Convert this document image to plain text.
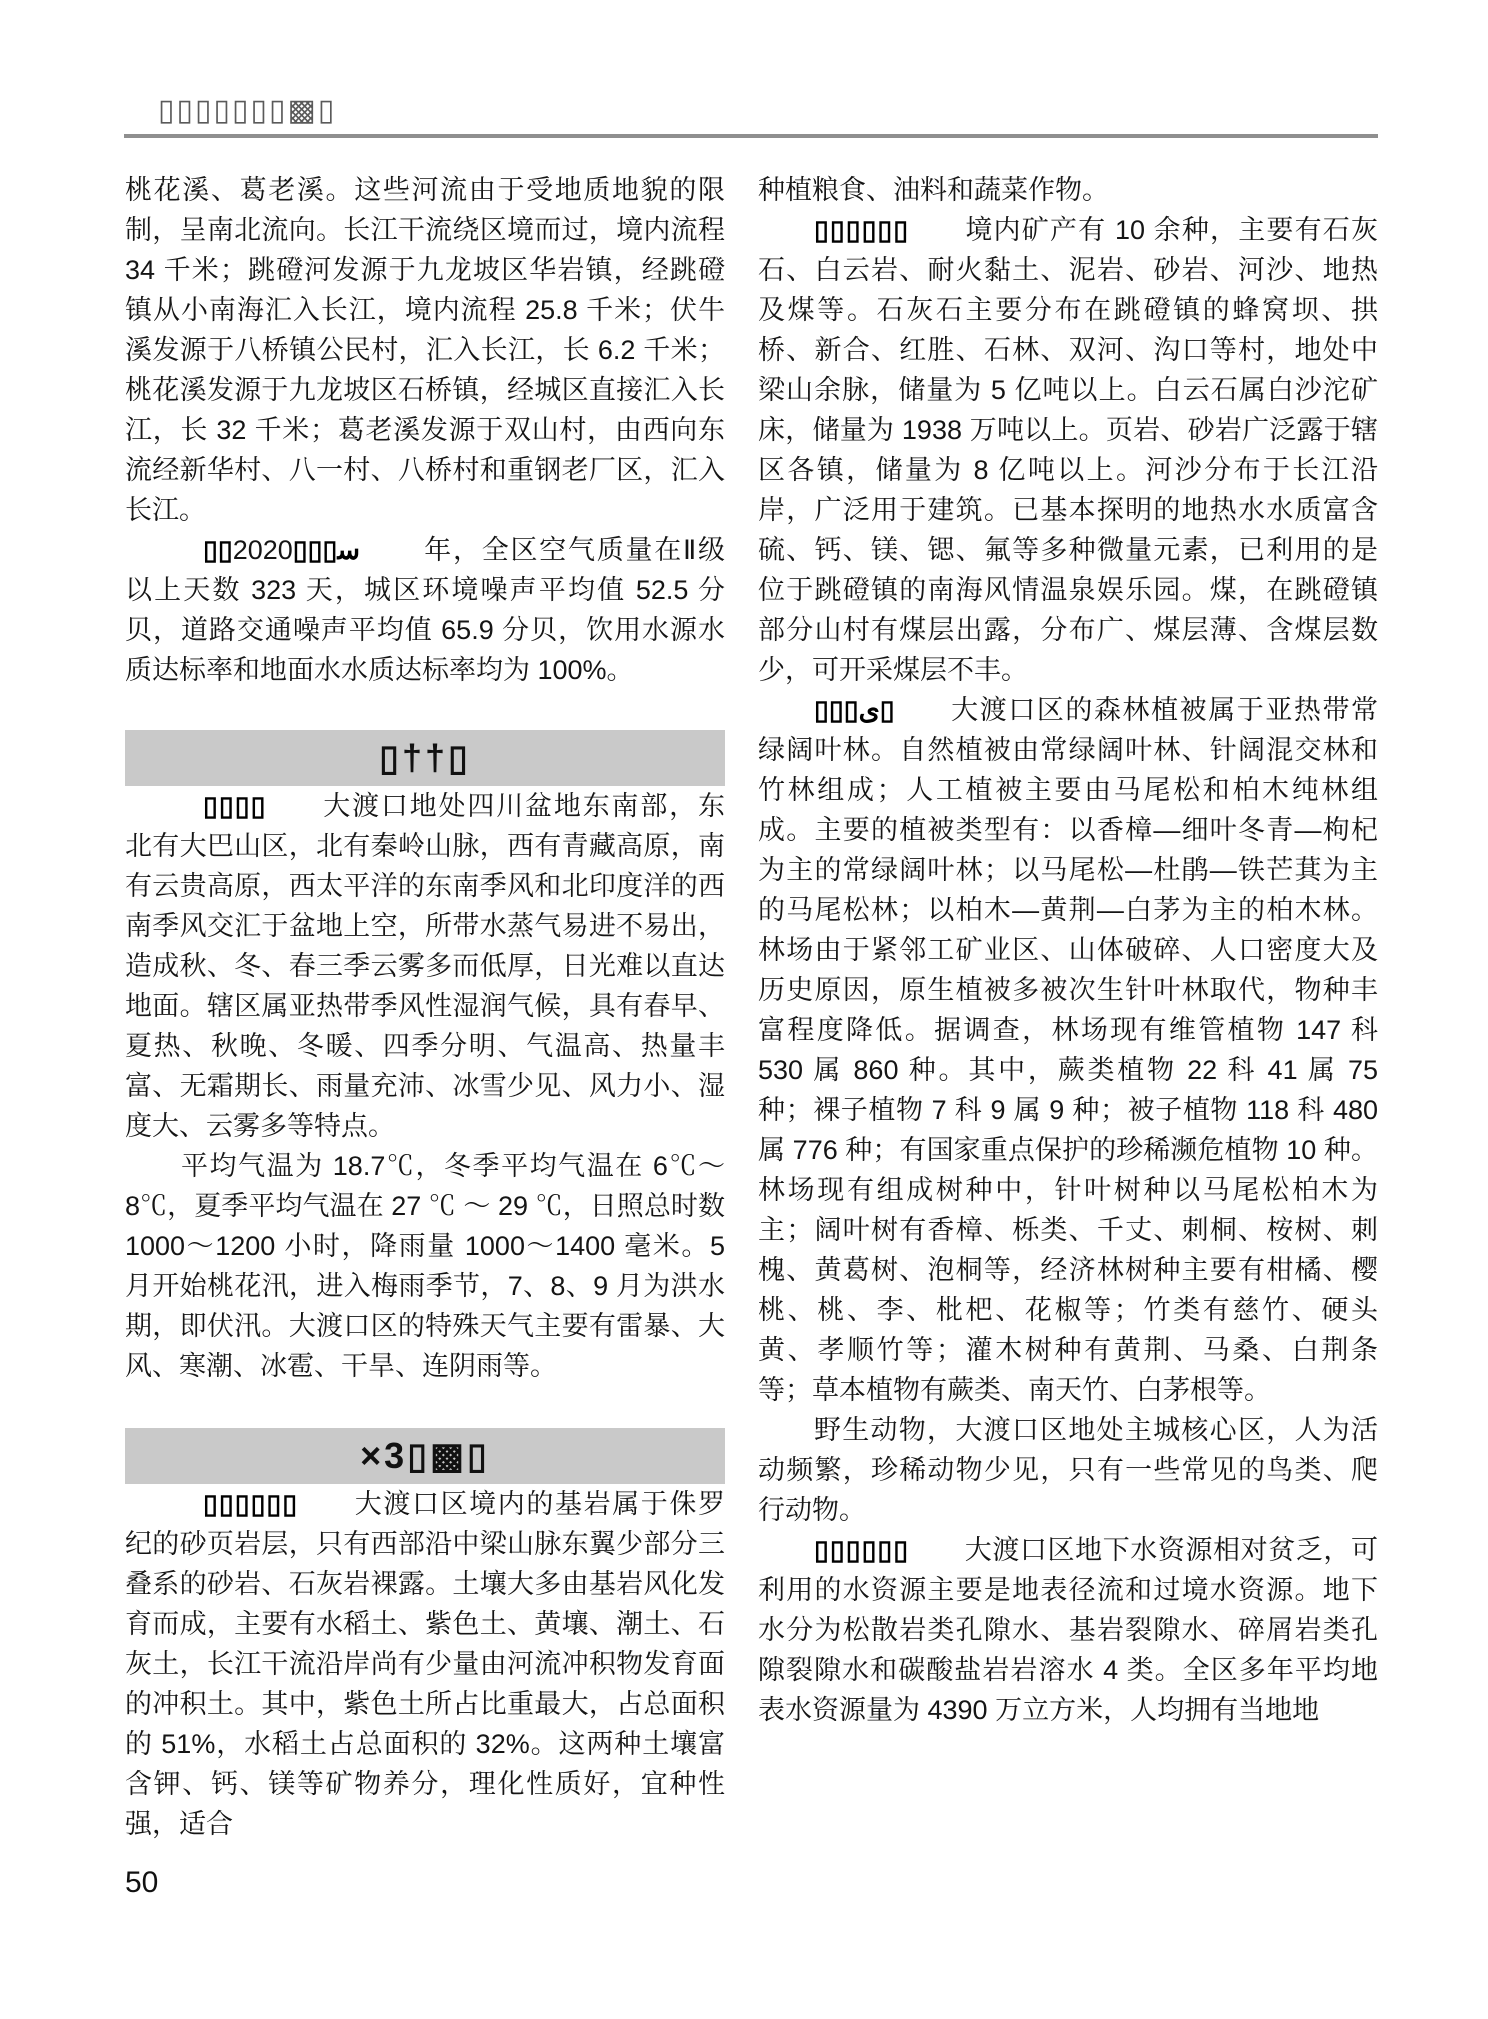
▯▯▯▯▯▯▯▩▯

桃花溪、葛老溪。这些河流由于受地质地貌的限制，呈南北流向。长江干流绕区境而过，境内流程 34 千米；跳磴河发源于九龙坡区华岩镇，经跳磴镇从小南海汇入长江，境内流程 25.8 千米；伏牛溪发源于八桥镇公民村，汇入长江，长 6.2 千米；桃花溪发源于九龙坡区石桥镇，经城区直接汇入长江，长 32 千米；葛老溪发源于双山村，由西向东流经新华村、八一村、八桥村和重钢老厂区，汇入长江。

▯▯ﺳ▯▯▯2020 年，全区空气质量在Ⅱ级以上天数 323 天，城区环境噪声平均值 52.5 分贝，道路交通噪声平均值 65.9 分贝，饮用水源水质达标率和地面水水质达标率均为 100%。

▯††▯

▯▯▯▯ 大渡口地处四川盆地东南部，东北有大巴山区，北有秦岭山脉，西有青藏高原，南有云贵高原，西太平洋的东南季风和北印度洋的西南季风交汇于盆地上空，所带水蒸气易进不易出，造成秋、冬、春三季云雾多而低厚，日光难以直达地面。辖区属亚热带季风性湿润气候，具有春早、夏热、秋晚、冬暖、四季分明、气温高、热量丰富、无霜期长、雨量充沛、冰雪少见、风力小、湿度大、云雾多等特点。

平均气温为 18.7℃，冬季平均气温在 6℃～8℃，夏季平均气温在 27 ℃ ～ 29 ℃，日照总时数 1000～1200 小时，降雨量 1000～1400 毫米。5 月开始桃花汛，进入梅雨季节，7、8、9 月为洪水期，即伏汛。大渡口区的特殊天气主要有雷暴、大风、寒潮、冰雹、干旱、连阴雨等。

×3▯▩▯

▯▯▯▯▯▯ 大渡口区境内的基岩属于侏罗纪的砂页岩层，只有西部沿中梁山脉东翼少部分三叠系的砂岩、石灰岩裸露。土壤大多由基岩风化发育而成，主要有水稻土、紫色土、黄壤、潮土、石灰土，长江干流沿岸尚有少量由河流冲积物发育面的冲积土。其中，紫色土所占比重最大，占总面积的 51%，水稻土占总面积的 32%。这两种土壤富含钾、钙、镁等矿物养分，理化性质好，宜种性强，适合

种植粮食、油料和蔬菜作物。

▯▯▯▯▯▯ 境内矿产有 10 余种，主要有石灰石、白云岩、耐火黏土、泥岩、砂岩、河沙、地热及煤等。石灰石主要分布在跳磴镇的蜂窝坝、拱桥、新合、红胜、石林、双河、沟口等村，地处中梁山余脉，储量为 5 亿吨以上。白云石属白沙沱矿床，储量为 1938 万吨以上。页岩、砂岩广泛露于辖区各镇，储量为 8 亿吨以上。河沙分布于长江沿岸，广泛用于建筑。已基本探明的地热水水质富含硫、钙、镁、锶、氟等多种微量元素，已利用的是位于跳磴镇的南海风情温泉娱乐园。煤，在跳磴镇部分山村有煤层出露，分布广、煤层薄、含煤层数少，可开采煤层不丰。

▯▯▯ى▯ 大渡口区的森林植被属于亚热带常绿阔叶林。自然植被由常绿阔叶林、针阔混交林和竹林组成；人工植被主要由马尾松和柏木纯林组成。主要的植被类型有：以香樟—细叶冬青—枸杞为主的常绿阔叶林；以马尾松—杜鹃—铁芒萁为主的马尾松林；以柏木—黄荆—白茅为主的柏木林。林场由于紧邻工矿业区、山体破碎、人口密度大及历史原因，原生植被多被次生针叶林取代，物种丰富程度降低。据调查，林场现有维管植物 147 科 530 属 860 种。其中，蕨类植物 22 科 41 属 75 种；裸子植物 7 科 9 属 9 种；被子植物 118 科 480 属 776 种；有国家重点保护的珍稀濒危植物 10 种。林场现有组成树种中，针叶树种以马尾松柏木为主；阔叶树有香樟、栎类、千丈、刺桐、桉树、刺槐、黄葛树、泡桐等，经济林树种主要有柑橘、樱桃、桃、李、枇杷、花椒等；竹类有慈竹、硬头黄、孝顺竹等；灌木树种有黄荆、马桑、白荆条等；草本植物有蕨类、南天竹、白茅根等。

野生动物，大渡口区地处主城核心区，人为活动频繁，珍稀动物少见，只有一些常见的鸟类、爬行动物。

▯▯▯▯▯▯ 大渡口区地下水资源相对贫乏，可利用的水资源主要是地表径流和过境水资源。地下水分为松散岩类孔隙水、基岩裂隙水、碎屑岩类孔隙裂隙水和碳酸盐岩岩溶水 4 类。全区多年平均地表水资源量为 4390 万立方米，人均拥有当地地

50
